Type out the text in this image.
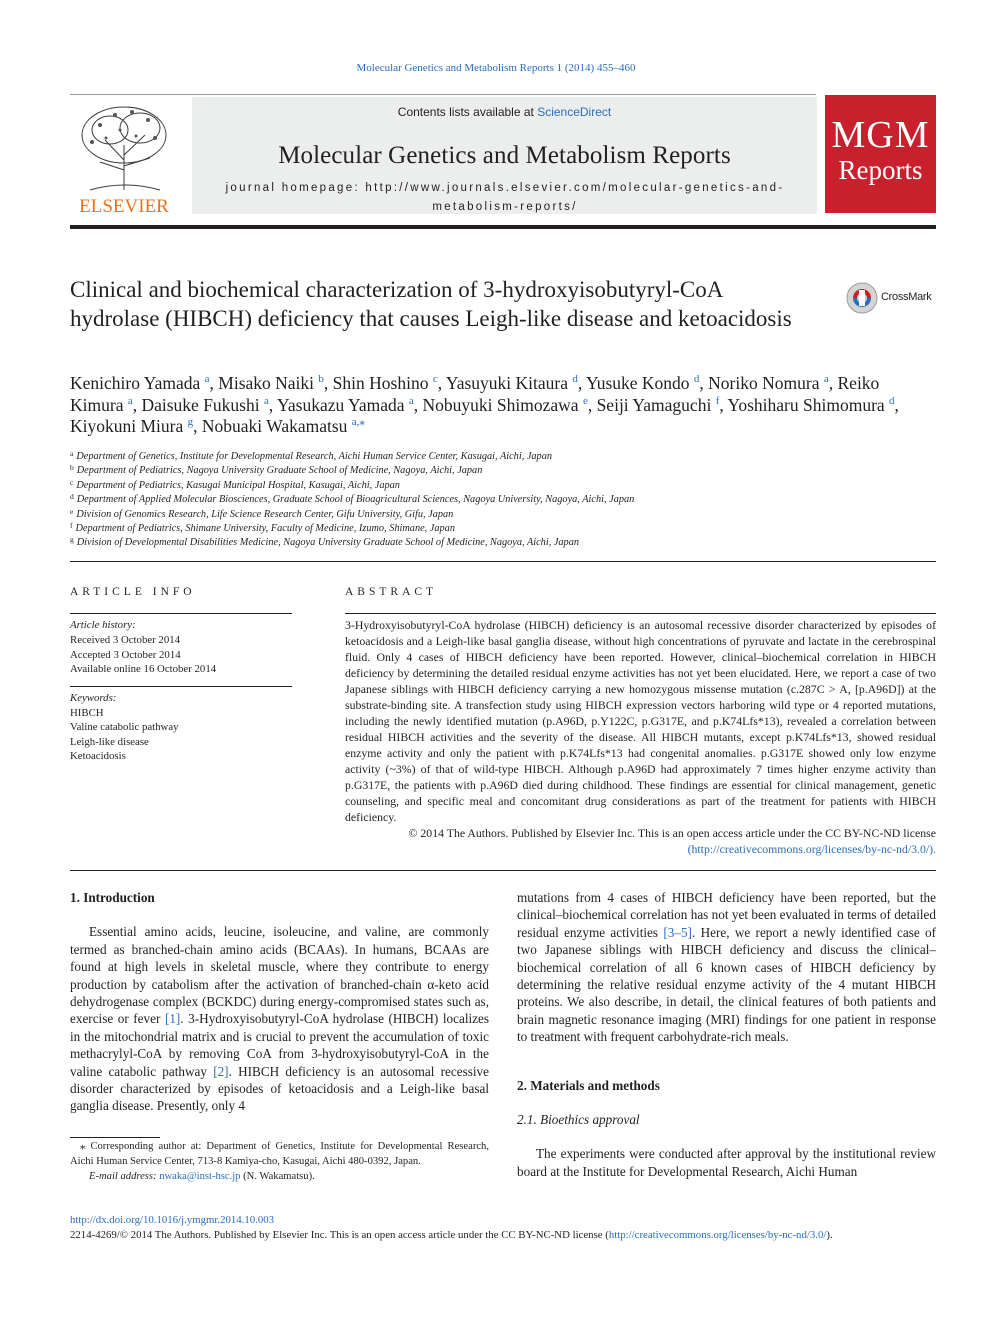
Molecular Genetics and Metabolism Reports 1 (2014) 455–460
Contents lists available at ScienceDirect
Molecular Genetics and Metabolism Reports
journal homepage: http://www.journals.elsevier.com/molecular-genetics-and-metabolism-reports/
ELSEVIER
MGM
Reports
Clinical and biochemical characterization of 3-hydroxyisobutyryl-CoA hydrolase (HIBCH) deficiency that causes Leigh-like disease and ketoacidosis
CrossMark
Kenichiro Yamada $^a$, Misako Naiki $^b$, Shin Hoshino $^c$, Yasuyuki Kitaura $^d$, Yusuke Kondo $^d$, Noriko Nomura $^a$, Reiko Kimura $^a$, Daisuke Fukushi $^a$, Yasukazu Yamada $^a$, Nobuyuki Shimozawa $^e$, Seiji Yamaguchi $^f$, Yoshiharu Shimomura $^d$, Kiyokuni Miura $^g$, Nobuaki Wakamatsu $^{a,⁎}$
$^a$ Department of Genetics, Institute for Developmental Research, Aichi Human Service Center, Kasugai, Aichi, Japan
$^b$ Department of Pediatrics, Nagoya University Graduate School of Medicine, Nagoya, Aichi, Japan
$^c$ Department of Pediatrics, Kasugai Municipal Hospital, Kasugai, Aichi, Japan
$^d$ Department of Applied Molecular Biosciences, Graduate School of Bioagricultural Sciences, Nagoya University, Nagoya, Aichi, Japan
$^e$ Division of Genomics Research, Life Science Research Center, Gifu University, Gifu, Japan
$^f$ Department of Pediatrics, Shimane University, Faculty of Medicine, Izumo, Shimane, Japan
$^g$ Division of Developmental Disabilities Medicine, Nagoya University Graduate School of Medicine, Nagoya, Aichi, Japan
ARTICLE INFO	ABSTRACT
Article history:
Received 3 October 2014
Accepted 3 October 2014
Available online 16 October 2014
Keywords:
HIBCH
Valine catabolic pathway
Leigh-like disease
Ketoacidosis
3-Hydroxyisobutyryl-CoA hydrolase (HIBCH) deficiency is an autosomal recessive disorder characterized by episodes of ketoacidosis and a Leigh-like basal ganglia disease, without high concentrations of pyruvate and lactate in the cerebrospinal fluid. Only 4 cases of HIBCH deficiency have been reported. However, clinical–biochemical correlation in HIBCH deficiency by determining the detailed residual enzyme activities has not yet been elucidated. Here, we report a case of two Japanese siblings with HIBCH deficiency carrying a new homozygous missense mutation (c.287C > A, [p.A96D]) at the substrate-binding site. A transfection study using HIBCH expression vectors harboring wild type or 4 reported mutations, including the newly identified mutation (p.A96D, p.Y122C, p.G317E, and p.K74Lfs*13), revealed a correlation between residual HIBCH activities and the severity of the disease. All HIBCH mutants, except p.K74Lfs*13, showed residual enzyme activity and only the patient with p.K74Lfs*13 had congenital anomalies. p.G317E showed only low enzyme activity (~3%) of that of wild-type HIBCH. Although p.A96D had approximately 7 times higher enzyme activity than p.G317E, the patients with p.A96D died during childhood. These findings are essential for clinical management, genetic counseling, and specific meal and concomitant drug considerations as part of the treatment for patients with HIBCH deficiency.
© 2014 The Authors. Published by Elsevier Inc. This is an open access article under the CC BY-NC-ND license
(http://creativecommons.org/licenses/by-nc-nd/3.0/).

1. Introduction

Essential amino acids, leucine, isoleucine, and valine, are commonly termed as branched-chain amino acids (BCAAs). In humans, BCAAs are found at high levels in skeletal muscle, where they contribute to energy production by catabolism after the activation of branched-chain α-keto acid dehydrogenase complex (BCKDC) during energy-compromised states such as, exercise or fever [1]. 3-Hydroxyisobutyryl-CoA hydrolase (HIBCH) localizes in the mitochondrial matrix and is crucial to prevent the accumulation of toxic methacrylyl-CoA by removing CoA from 3-hydroxyisobutyryl-CoA in the valine catabolic pathway [2]. HIBCH deficiency is an autosomal recessive disorder characterized by episodes of ketoacidosis and a Leigh-like basal ganglia disease. Presently, only 4

mutations from 4 cases of HIBCH deficiency have been reported, but the clinical–biochemical correlation has not yet been evaluated in terms of detailed residual enzyme activities [3–5]. Here, we report a newly identified case of two Japanese siblings with HIBCH deficiency and discuss the clinical–biochemical correlation of all 6 known cases of HIBCH deficiency by determining the relative residual enzyme activity of the 4 mutant HIBCH proteins. We also describe, in detail, the clinical features of both patients and brain magnetic resonance imaging (MRI) findings for one patient in response to treatment with frequent carbohydrate-rich meals.

2. Materials and methods

2.1. Bioethics approval

The experiments were conducted after approval by the institutional review board at the Institute for Developmental Research, Aichi Human

⁎ Corresponding author at: Department of Genetics, Institute for Developmental Research, Aichi Human Service Center, 713-8 Kamiya-cho, Kasugai, Aichi 480-0392, Japan.
E-mail address: nwaka@inst-hsc.jp (N. Wakamatsu).
http://dx.doi.org/10.1016/j.ymgmr.2014.10.003
2214-4269/© 2014 The Authors. Published by Elsevier Inc. This is an open access article under the CC BY-NC-ND license (http://creativecommons.org/licenses/by-nc-nd/3.0/).
